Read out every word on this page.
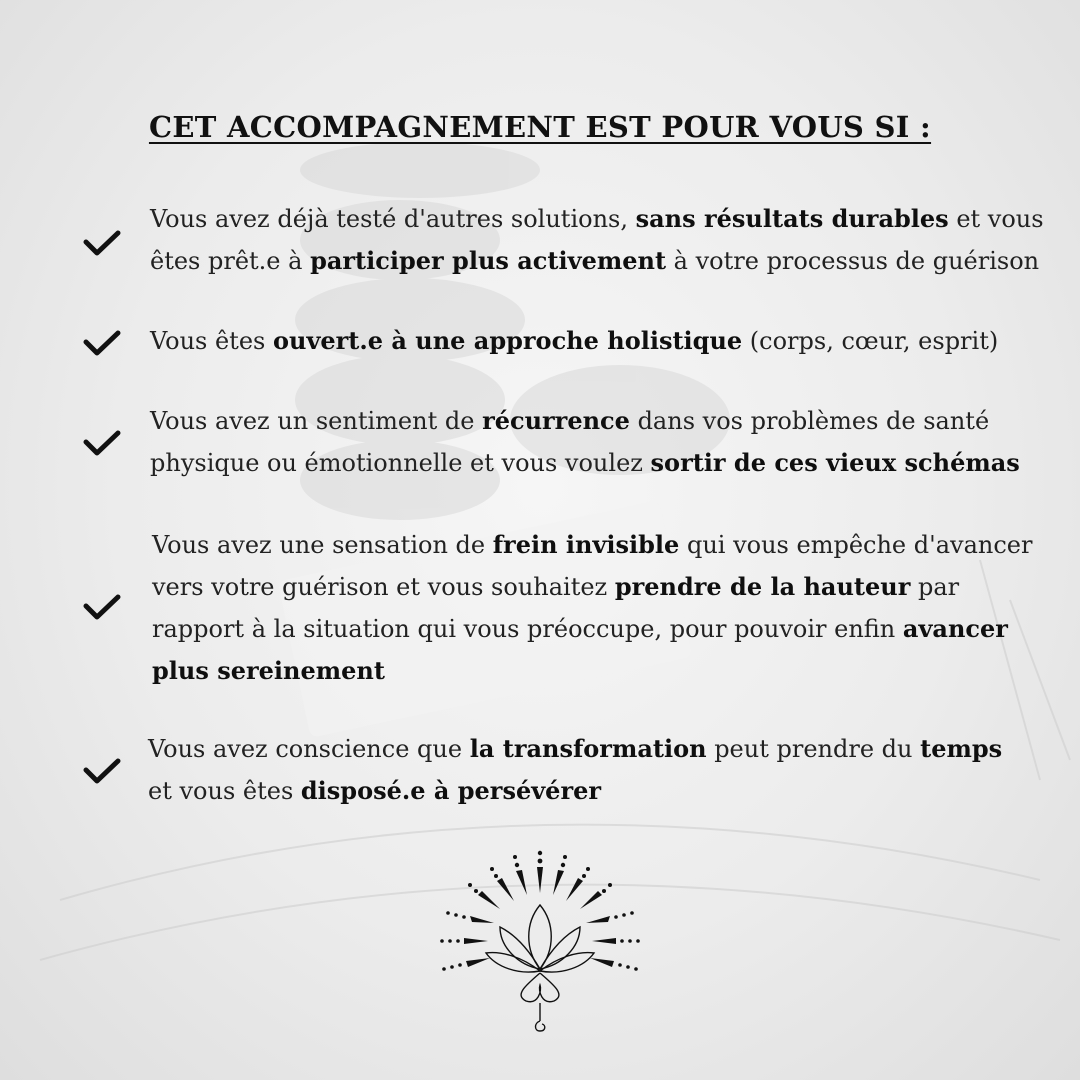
CET ACCOMPAGNEMENT EST POUR VOUS SI :
Vous avez déjà testé d'autres solutions, sans résultats durables et vous
êtes prêt.e à participer plus activement à votre processus de guérison
Vous êtes ouvert.e à une approche holistique (corps, cœur, esprit)
Vous avez un sentiment de récurrence dans vos problèmes de santé
physique ou émotionnelle et vous voulez sortir de ces vieux schémas
Vous avez une sensation de frein invisible qui vous empêche d'avancer
vers votre guérison et vous souhaitez prendre de la hauteur par
rapport à la situation qui vous préoccupe, pour pouvoir enfin avancer
plus sereinement
Vous avez conscience que la transformation peut prendre du temps
et vous êtes disposé.e à persévérer
